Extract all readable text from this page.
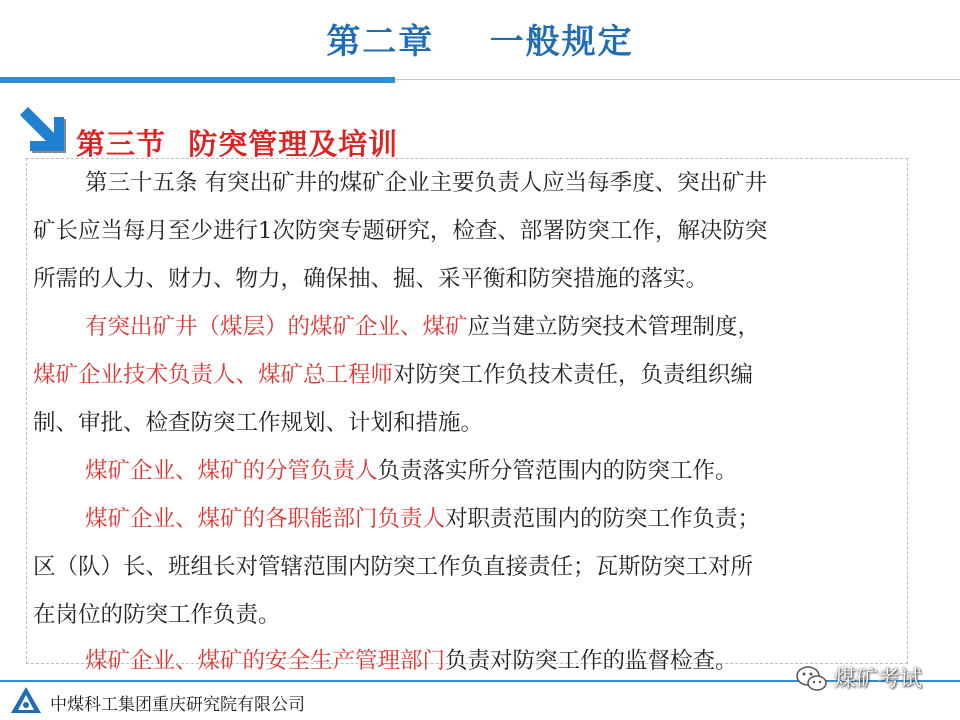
第二章    一般规定
第三节  防突管理及培训

第三十五条 有突出矿井的煤矿企业主要负责人应当每季度、突出矿井

矿长应当每月至少进行1次防突专题研究，检查、部署防突工作，解决防突

所需的人力、财力、物力，确保抽、掘、采平衡和防突措施的落实。

有突出矿井（煤层）的煤矿企业、煤矿应当建立防突技术管理制度，

煤矿企业技术负责人、煤矿总工程师对防突工作负技术责任，负责组织编

制、审批、检查防突工作规划、计划和措施。

煤矿企业、煤矿的分管负责人负责落实所分管范围内的防突工作。

煤矿企业、煤矿的各职能部门负责人对职责范围内的防突工作负责；

区（队）长、班组长对管辖范围内防突工作负直接责任；瓦斯防突工对所

在岗位的防突工作负责。

煤矿企业、煤矿的安全生产管理部门负责对防突工作的监督检查。

中煤科工集团重庆研究院有限公司
煤矿考试
